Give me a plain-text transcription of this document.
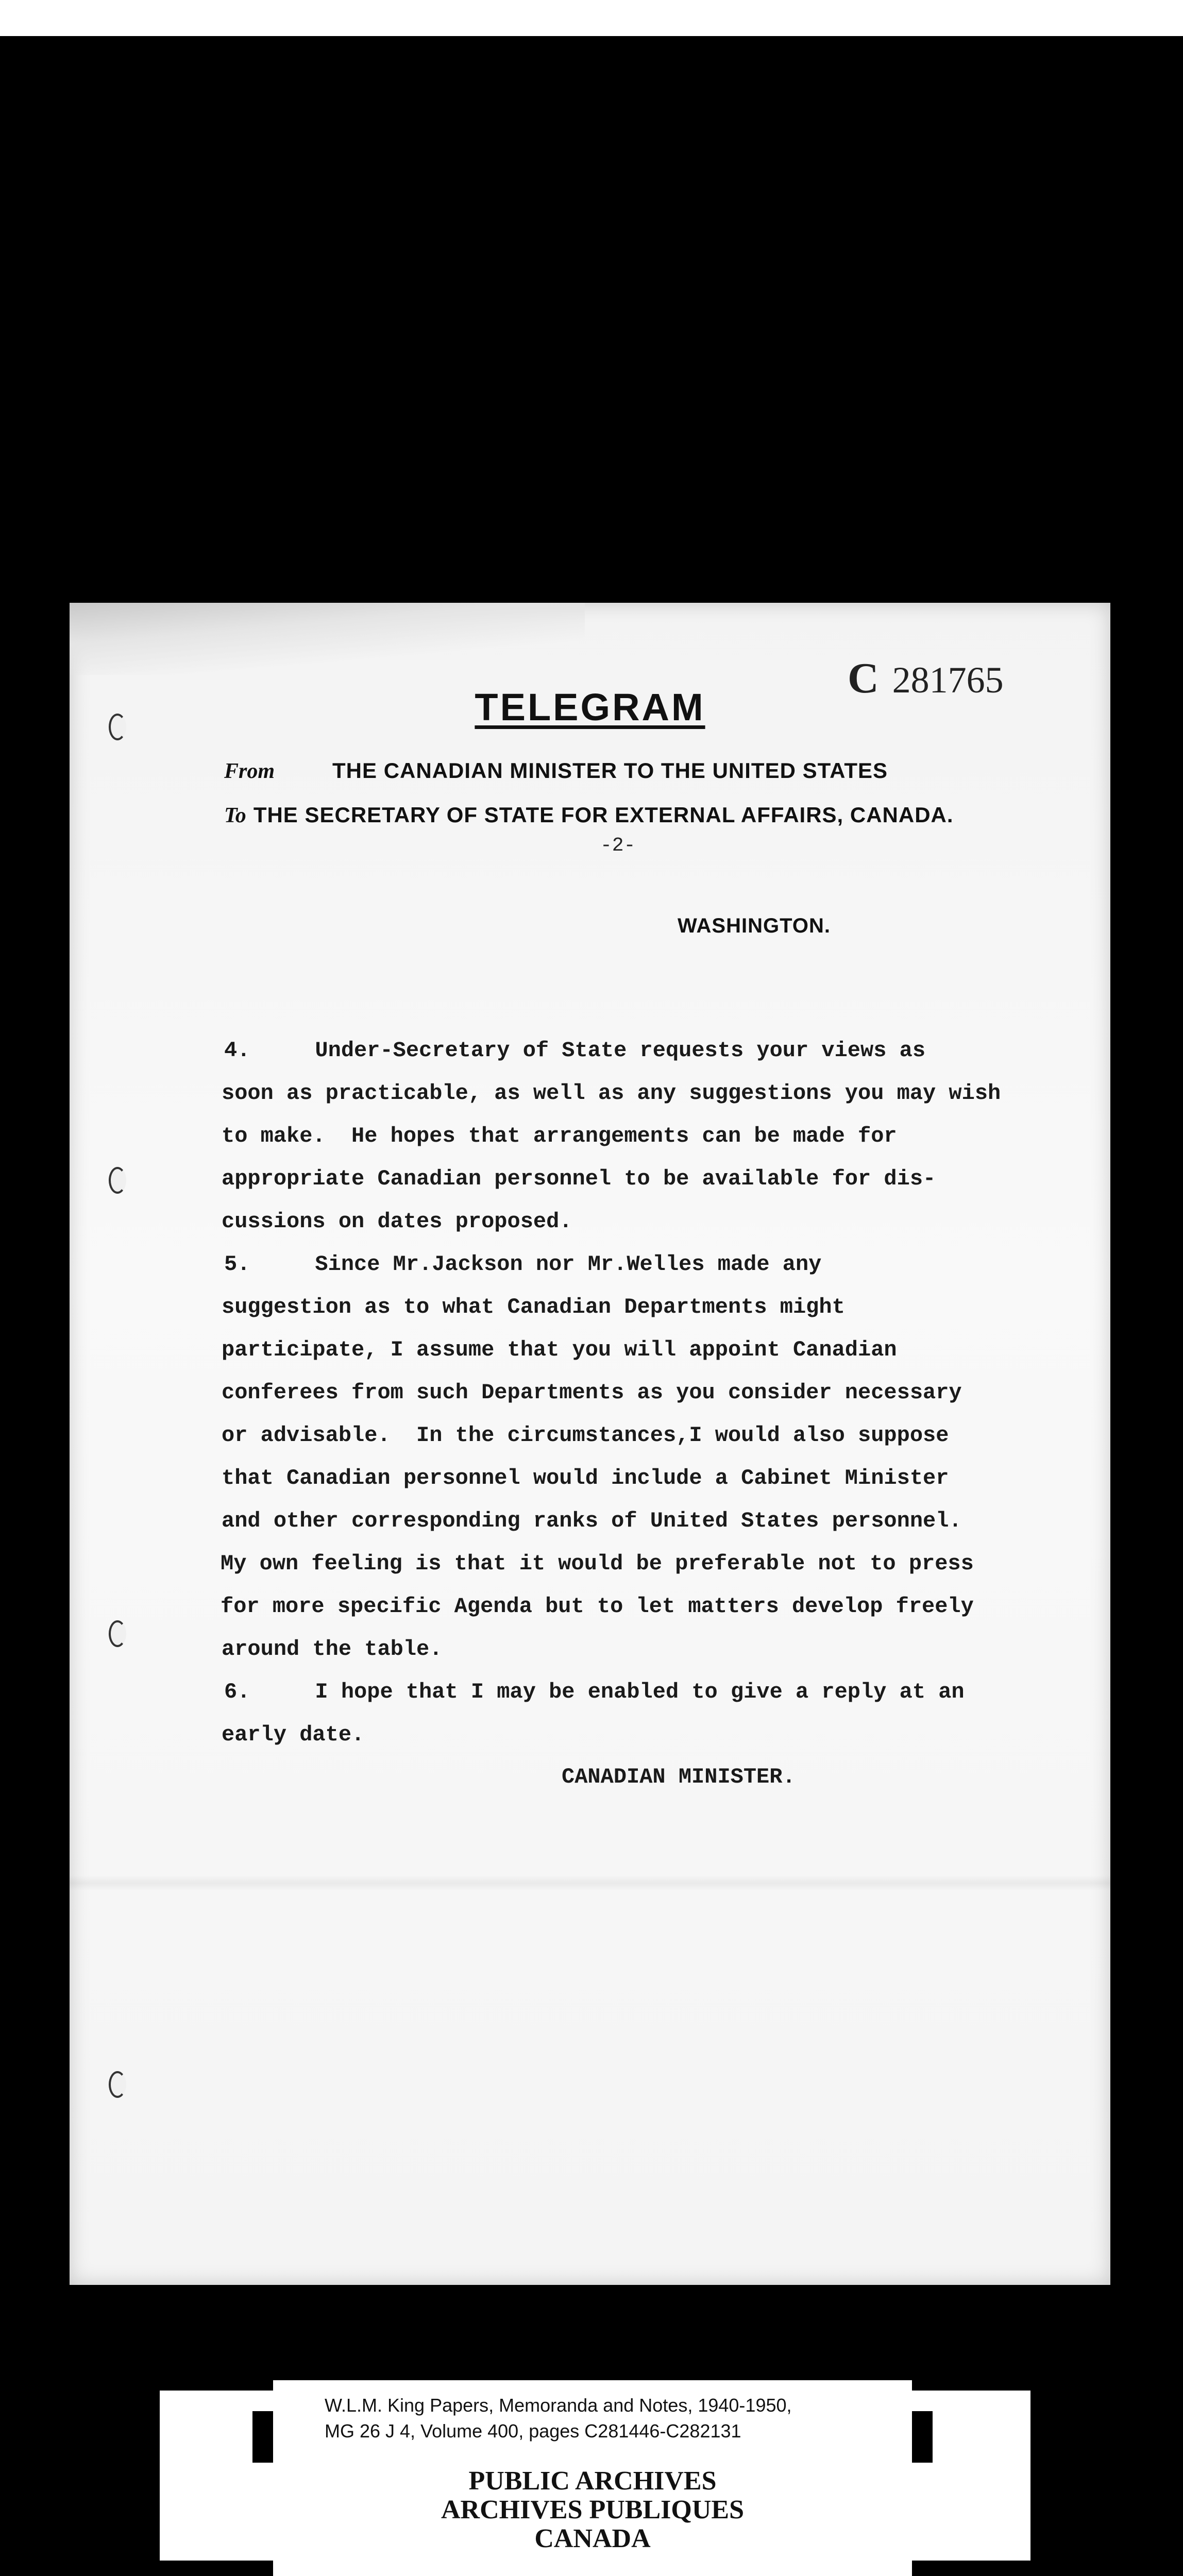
C 281765
TELEGRAM
From	THE CANADIAN MINISTER TO THE UNITED STATES
To THE SECRETARY OF STATE FOR EXTERNAL AFFAIRS, CANADA.
-2-
WASHINGTON.
4.     Under-Secretary of State requests your views as
soon as practicable, as well as any suggestions you may wish
to make.  He hopes that arrangements can be made for
appropriate Canadian personnel to be available for dis-
cussions on dates proposed.
5.     Since Mr.Jackson nor Mr.Welles made any
suggestion as to what Canadian Departments might
participate, I assume that you will appoint Canadian
conferees from such Departments as you consider necessary
or advisable.  In the circumstances,I would also suppose
that Canadian personnel would include a Cabinet Minister
and other corresponding ranks of United States personnel.
My own feeling is that it would be preferable not to press
for more specific Agenda but to let matters develop freely
around the table.
6.     I hope that I may be enabled to give a reply at an
early date.
CANADIAN MINISTER.
W.L.M. King Papers, Memoranda and Notes, 1940-1950,
MG 26 J 4, Volume 400, pages C281446-C282131
PUBLIC ARCHIVES
ARCHIVES PUBLIQUES
CANADA
